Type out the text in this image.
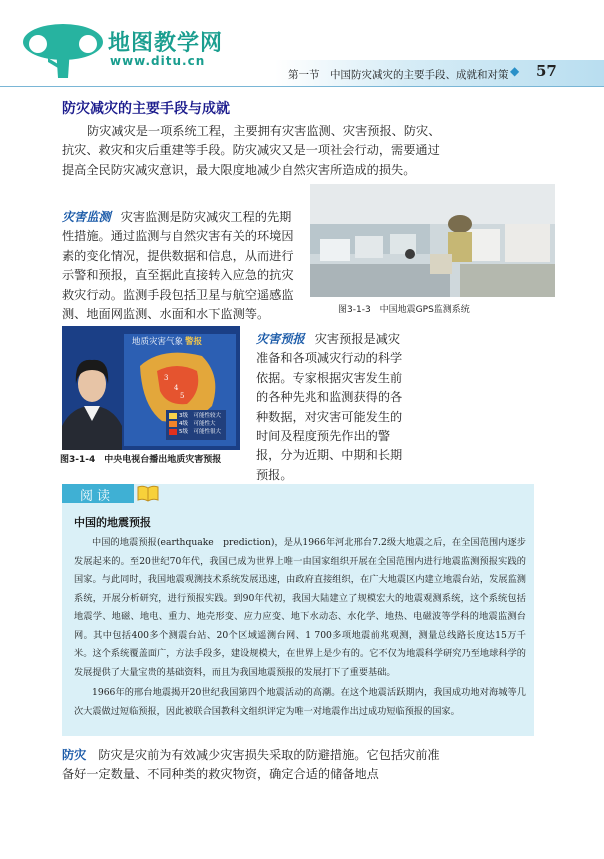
地图教学网
www.ditu.cn
第一节　中国防灾减灾的主要手段、成就和对策 ◆ 57
防灾减灾的主要手段与成就
防灾减灾是一项系统工程，主要拥有灾害监测、灾害预报、防灾、抗灾、救灾和灾后重建等手段。防灾减灾又是一项社会行动，需要通过提高全民防灾减灾意识，最大限度地减少自然灾害所造成的损失。
灾害监测 灾害监测是防灾减灾工程的先期性措施。通过监测与自然灾害有关的环境因素的变化情况，提供数据和信息，从而进行示警和预报，直至据此直接转入应急的抗灾救灾行动。监测手段包括卫星与航空遥感监测、地面网监测、水面和水下监测等。	图3-1-3　中国地震GPS监测系统
地质灾害气象 警报
3
4
5
3级　可能性较大
4级　可能性大
5级　可能性很大
图3-1-4　中央电视台播出地质灾害预报
灾害预报 灾害预报是减灾准备和各项减灾行动的科学依据。专家根据灾害发生前的各种先兆和监测获得的各种数据，对灾害可能发生的时间及程度预先作出的警报，分为近期、中期和长期预报。
阅读
中国的地震预报

中国的地震预报(earthquake　prediction)，是从1966年河北邢台7.2级大地震之后，在全国范围内逐步发展起来的。至20世纪70年代，我国已成为世界上唯一由国家组织开展在全国范围内进行地震监测预报实践的国家。与此同时，我国地震观测技术系统发展迅速，由政府直接组织，在广大地震区内建立地震台站，发展监测系统，开展分析研究，进行预报实践。到90年代初，我国大陆建立了规模宏大的地震观测系统，这个系统包括地震学、地磁、地电、重力、地壳形变、应力应变、地下水动态、水化学、地热、电磁波等学科的地震监测台网。其中包括400多个测震台站、20个区域遥测台网、1 700多项地震前兆观测，测量总线路长度达15万千米。这个系统覆盖面广，方法手段多，建设规模大，在世界上是少有的。它不仅为地震科学研究乃至地球科学的发展提供了大量宝贵的基础资料，而且为我国地震预报的发展打下了重要基础。

1966年的邢台地震揭开20世纪我国第四个地震活动的高潮。在这个地震活跃期内，我国成功地对海城等几次大震做过短临预报，因此被联合国教科文组织评定为唯一对地震作出过成功短临预报的国家。

防灾 防灾是灾前为有效减少灾害损失采取的防避措施。它包括灾前准备好一定数量、不同种类的救灾物资，确定合适的储备地点
